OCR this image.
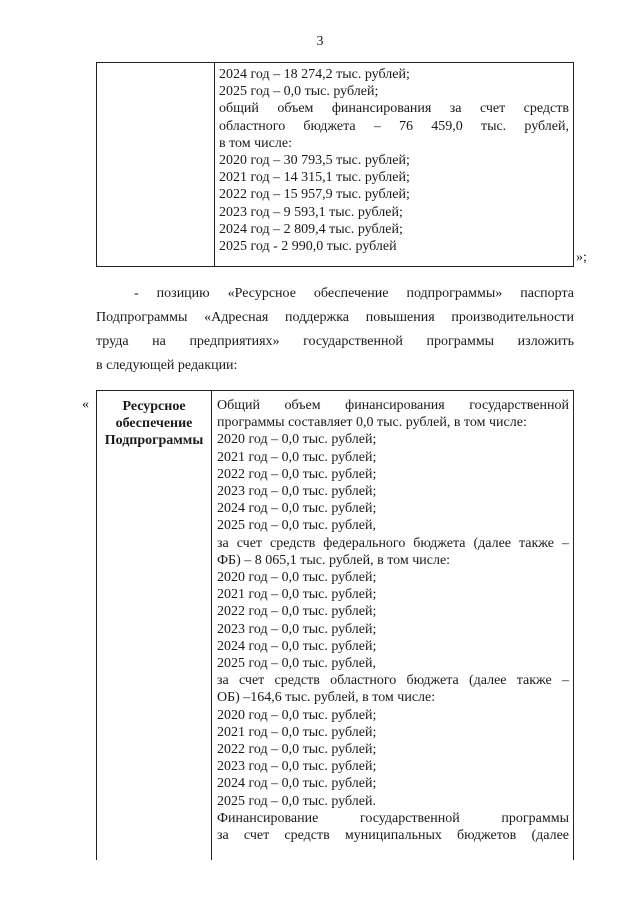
3
2024 год – 18 274,2 тыс. рублей;
2025 год – 0,0 тыс. рублей;
общий объем финансирования за счет средств
областного бюджета – 76 459,0 тыс. рублей,
в том числе:
2020 год – 30 793,5 тыс. рублей;
2021 год – 14 315,1 тыс. рублей;
2022 год – 15 957,9 тыс. рублей;
2023 год – 9 593,1 тыс. рублей;
2024 год – 2 809,4 тыс. рублей;
2025 год - 2 990,0 тыс. рублей
»;
- позицию «Ресурсное обеспечение подпрограммы» паспорта
Подпрограммы «Адресная поддержка повышения производительности
труда на предприятиях» государственной программы изложить
в следующей редакции:
«	Ресурсное
обеспечение
Подпрограммы
Общий объем финансирования государственной
программы составляет 0,0 тыс. рублей, в том числе:
2020 год – 0,0 тыс. рублей;
2021 год – 0,0 тыс. рублей;
2022 год – 0,0 тыс. рублей;
2023 год – 0,0 тыс. рублей;
2024 год – 0,0 тыс. рублей;
2025 год – 0,0 тыс. рублей,
за счет средств федерального бюджета (далее также –
ФБ) – 8 065,1 тыс. рублей, в том числе:
2020 год – 0,0 тыс. рублей;
2021 год – 0,0 тыс. рублей;
2022 год – 0,0 тыс. рублей;
2023 год – 0,0 тыс. рублей;
2024 год – 0,0 тыс. рублей;
2025 год – 0,0 тыс. рублей,
за счет средств областного бюджета (далее также –
ОБ) –164,6 тыс. рублей, в том числе:
2020 год – 0,0 тыс. рублей;
2021 год – 0,0 тыс. рублей;
2022 год – 0,0 тыс. рублей;
2023 год – 0,0 тыс. рублей;
2024 год – 0,0 тыс. рублей;
2025 год – 0,0 тыс. рублей.
Финансирование государственной программы
за счет средств муниципальных бюджетов (далее
